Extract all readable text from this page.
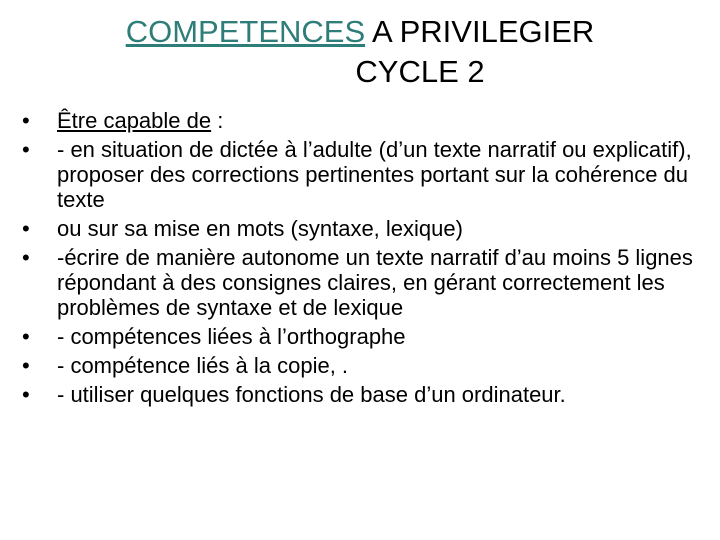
COMPETENCES A PRIVILEGIER
CYCLE 2
•	Être capable de :
•	- en situation de dictée à l’adulte (d’un texte narratif ou explicatif), proposer des corrections pertinentes portant sur la cohérence du texte
•	ou sur sa mise en mots (syntaxe, lexique)
•	-écrire de manière autonome un texte narratif d’au moins 5 lignes répondant à des consignes claires, en gérant correctement les problèmes de syntaxe et de lexique
•	- compétences liées à l’orthographe
•	- compétence liés à la copie, .
•	- utiliser quelques fonctions de base d’un ordinateur.
